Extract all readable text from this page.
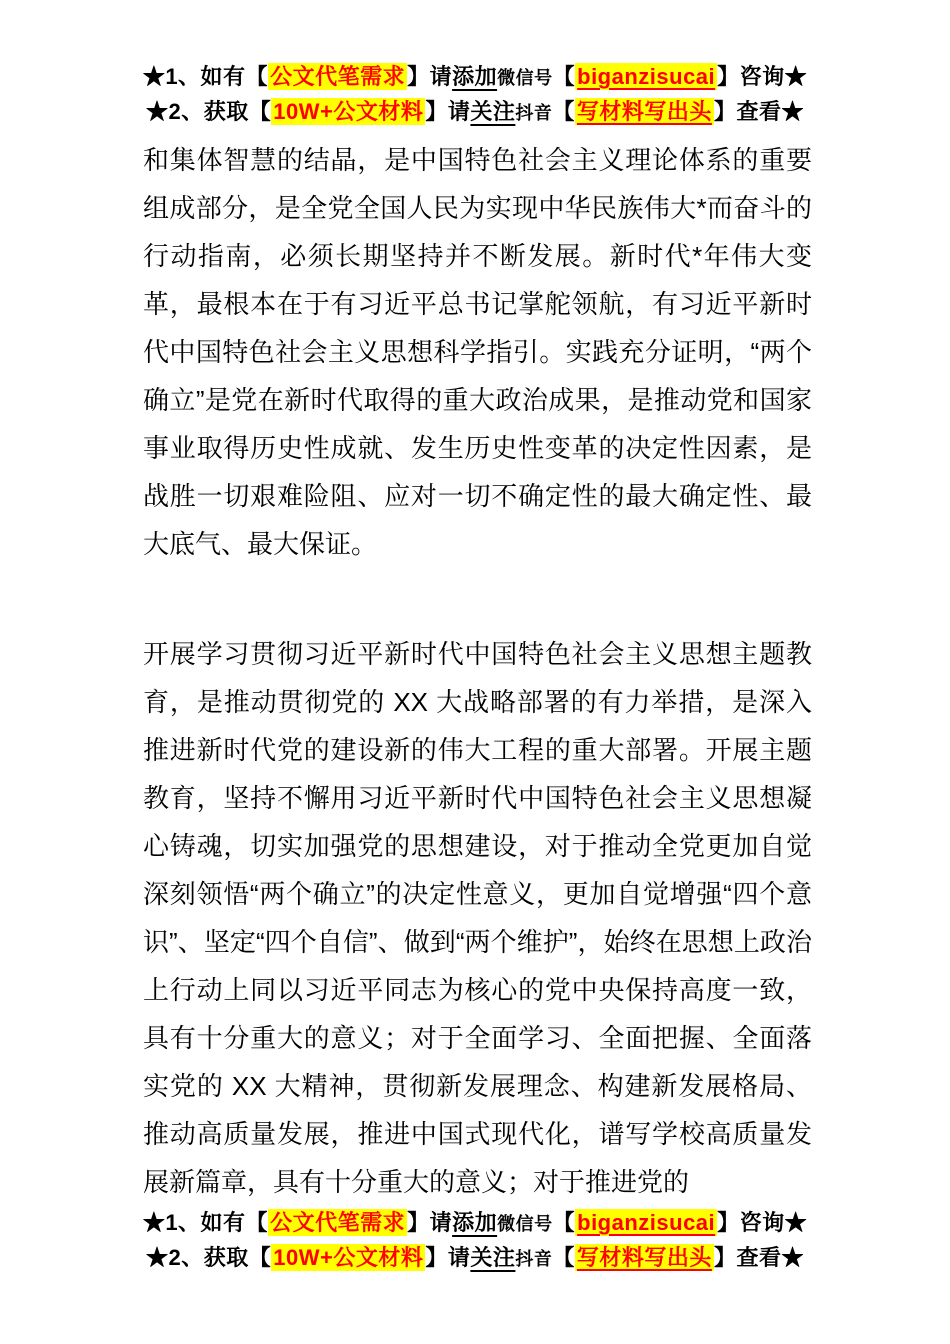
★1、如有【公文代笔需求】请添加微信号【biganzisucai】咨询★
★2、获取【10W+公文材料】请关注抖音【写材料写出头】查看★

和集体智慧的结晶，是中国特色社会主义理论体系的重要组成部分，是全党全国人民为实现中华民族伟大*而奋斗的行动指南，必须长期坚持并不断发展。新时代*年伟大变革，最根本在于有习近平总书记掌舵领航，有习近平新时代中国特色社会主义思想科学指引。实践充分证明，“两个确立”是党在新时代取得的重大政治成果，是推动党和国家事业取得历史性成就、发生历史性变革的决定性因素，是战胜一切艰难险阻、应对一切不确定性的最大确定性、最大底气、最大保证。

开展学习贯彻习近平新时代中国特色社会主义思想主题教育，是推动贯彻党的 XX 大战略部署的有力举措，是深入推进新时代党的建设新的伟大工程的重大部署。开展主题教育，坚持不懈用习近平新时代中国特色社会主义思想凝心铸魂，切实加强党的思想建设，对于推动全党更加自觉深刻领悟“两个确立”的决定性意义，更加自觉增强“四个意识”、坚定“四个自信”、做到“两个维护”，始终在思想上政治上行动上同以习近平同志为核心的党中央保持高度一致，具有十分重大的意义；对于全面学习、全面把握、全面落实党的 XX 大精神，贯彻新发展理念、构建新发展格局、推动高质量发展，推进中国式现代化，谱写学校高质量发展新篇章，具有十分重大的意义；对于推进党的

★1、如有【公文代笔需求】请添加微信号【biganzisucai】咨询★
★2、获取【10W+公文材料】请关注抖音【写材料写出头】查看★
